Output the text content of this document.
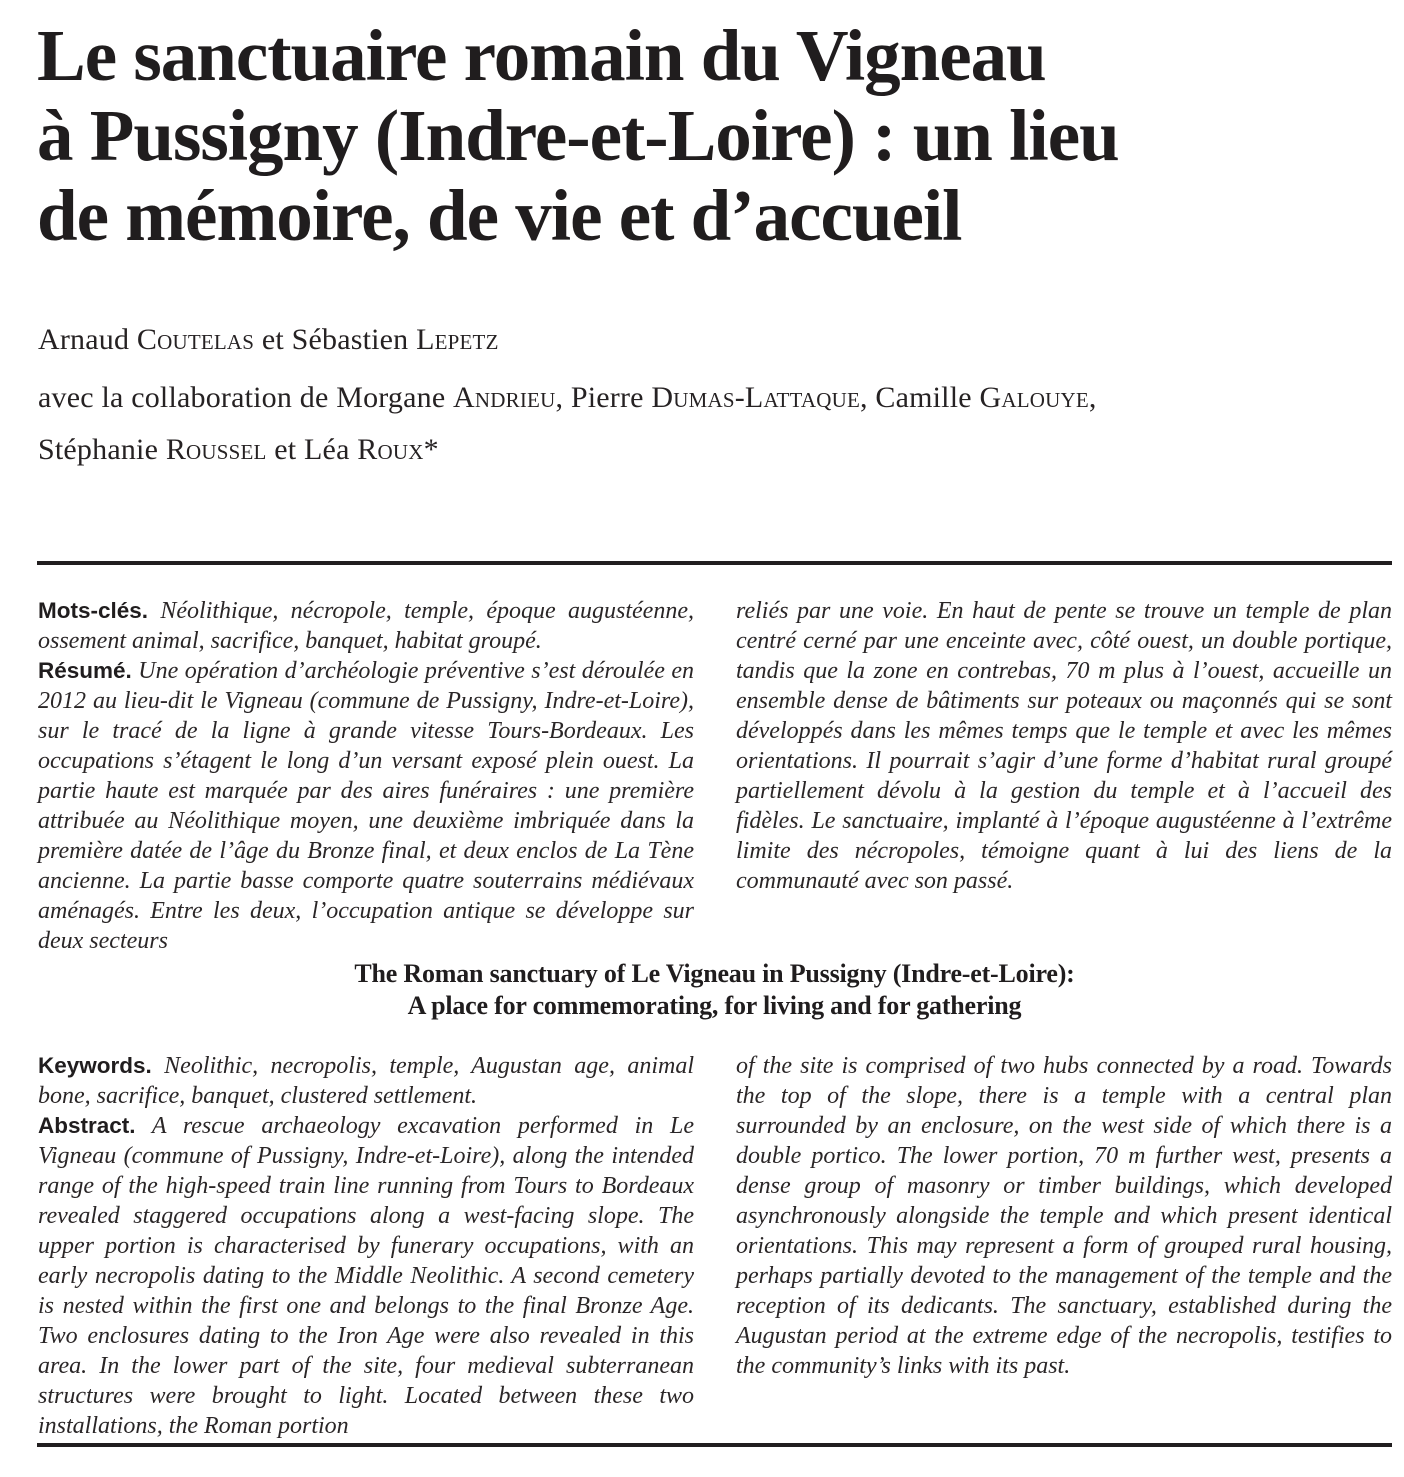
Le sanctuaire romain du Vigneau
à Pussigny (Indre-et-Loire) : un lieu
de mémoire, de vie et d’accueil
Arnaud Coutelas et Sébastien Lepetz
avec la collaboration de Morgane Andrieu, Pierre Dumas-Lattaque, Camille Galouye,
Stéphanie Roussel et Léa Roux*

Mots-clés. Néolithique, nécropole, temple, époque augustéenne, ossement animal, sacrifice, banquet, habitat groupé.

Résumé. Une opération d’archéologie préventive s’est déroulée en 2012 au lieu-dit le Vigneau (commune de Pussigny, Indre-et-Loire), sur le tracé de la ligne à grande vitesse Tours-Bordeaux. Les occupations s’étagent le long d’un versant exposé plein ouest. La partie haute est marquée par des aires funéraires : une première attribuée au Néolithique moyen, une deuxième imbriquée dans la première datée de l’âge du Bronze final, et deux enclos de La Tène ancienne. La partie basse comporte quatre souterrains médiévaux aménagés. Entre les deux, l’occupation antique se développe sur deux secteurs

reliés par une voie. En haut de pente se trouve un temple de plan centré cerné par une enceinte avec, côté ouest, un double portique, tandis que la zone en contrebas, 70 m plus à l’ouest, accueille un ensemble dense de bâtiments sur poteaux ou maçonnés qui se sont développés dans les mêmes temps que le temple et avec les mêmes orientations. Il pourrait s’agir d’une forme d’habitat rural groupé partiellement dévolu à la gestion du temple et à l’accueil des fidèles. Le sanctuaire, implanté à l’époque augustéenne à l’extrême limite des nécropoles, témoigne quant à lui des liens de la communauté avec son passé.

The Roman sanctuary of Le Vigneau in Pussigny (Indre-et-Loire):
A place for commemorating, for living and for gathering

Keywords. Neolithic, necropolis, temple, Augustan age, animal bone, sacrifice, banquet, clustered settlement.

Abstract. A rescue archaeology excavation performed in Le Vigneau (commune of Pussigny, Indre-et-Loire), along the intended range of the high-speed train line running from Tours to Bordeaux revealed staggered occupations along a west-facing slope. The upper portion is characterised by funerary occupations, with an early necropolis dating to the Middle Neolithic. A second cemetery is nested within the first one and belongs to the final Bronze Age. Two enclosures dating to the Iron Age were also revealed in this area. In the lower part of the site, four medieval subterranean structures were brought to light. Located between these two installations, the Roman portion

of the site is comprised of two hubs connected by a road. Towards the top of the slope, there is a temple with a central plan surrounded by an enclosure, on the west side of which there is a double portico. The lower portion, 70 m further west, presents a dense group of masonry or timber buildings, which developed asynchronously alongside the temple and which present identical orientations. This may represent a form of grouped rural housing, perhaps partially devoted to the management of the temple and the reception of its dedicants. The sanctuary, established during the Augustan period at the extreme edge of the necropolis, testifies to the community’s links with its past.
